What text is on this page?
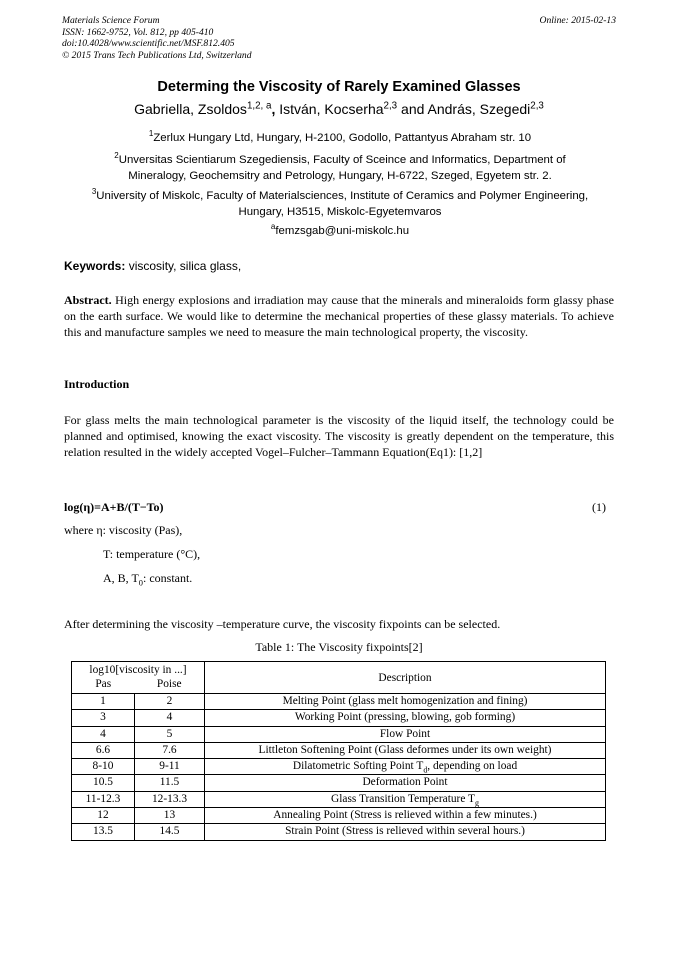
Materials Science Forum
ISSN: 1662-9752, Vol. 812, pp 405-410
doi:10.4028/www.scientific.net/MSF.812.405
© 2015 Trans Tech Publications Ltd, Switzerland
Online: 2015-02-13
Determing the Viscosity of Rarely Examined Glasses
Gabriella, Zsoldos$^{1,2, a}$, István, Kocserha$^{2,3}$ and András, Szegedi$^{2,3}$
$^1$Zerlux Hungary Ltd, Hungary, H-2100, Godollo, Pattantyus Abraham str. 10
$^2$Unversitas Scientiarum Szegediensis, Faculty of Sceince and Informatics, Department of Mineralogy, Geochemsitry and Petrology, Hungary, H-6722, Szeged, Egyetem str. 2.
$^3$University of Miskolc, Faculty of Materialsciences, Institute of Ceramics and Polymer Engineering, Hungary, H3515, Miskolc-Egyetemvaros
$^a$femzsgab@uni-miskolc.hu
Keywords: viscosity, silica glass,
Abstract. High energy explosions and irradiation may cause that the minerals and mineraloids form glassy phase on the earth surface. We would like to determine the mechanical properties of these glassy materials. To achieve this and manufacture samples we need to measure the main technological property, the viscosity.
Introduction
For glass melts the main technological parameter is the viscosity of the liquid itself, the technology could be planned and optimised, knowing the exact viscosity. The viscosity is greatly dependent on the temperature, this relation resulted in the widely accepted Vogel–Fulcher–Tammann Equation(Eq1): [1,2]
log(η)=A+B/(T−To)	(1)
where η: viscosity (Pas),
T: temperature (°C),
A, B, $T_0$: constant.
After determining the viscosity –temperature curve, the viscosity fixpoints can be selected.
Table 1: The Viscosity fixpoints[2]
log10[viscosity in ...]		Description
Pas	Poise	
1	2	Melting Point (glass melt homogenization and fining)
3	4	Working Point (pressing, blowing, gob forming)
4	5	Flow Point
6.6	7.6	Littleton Softening Point (Glass deformes under its own weight)
8-10	9-11	Dilatometric Softing Point $T_d$, depending on load
10.5	11.5	Deformation Point
11-12.3	12-13.3	Glass Transition Temperature $T_g$
12	13	Annealing Point (Stress is relieved within a few minutes.)
13.5	14.5	Strain Point (Stress is relieved within several hours.)
